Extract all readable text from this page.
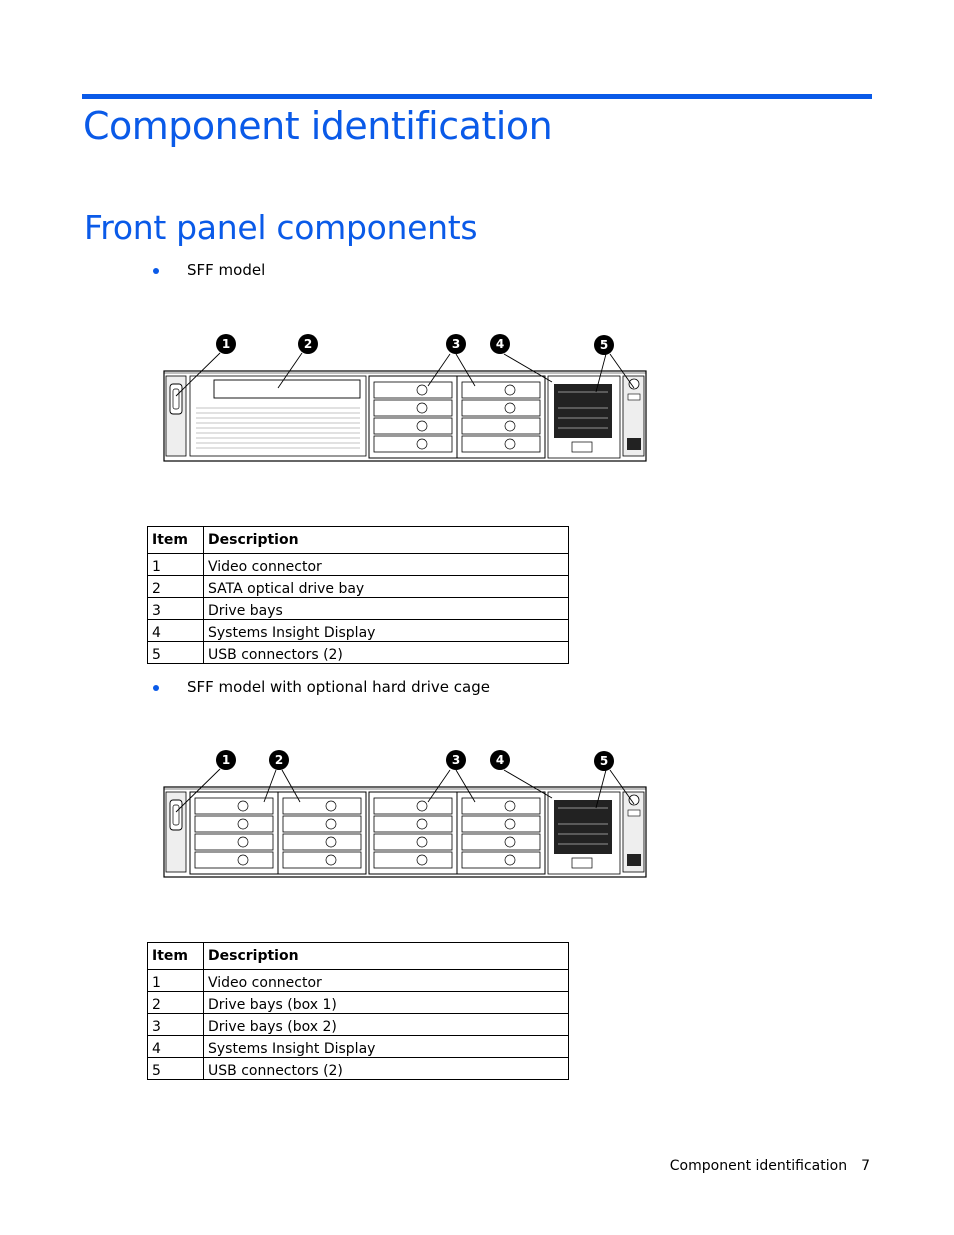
Component identification
Front panel components
SFF model
1	2	3	4	5
Item	Description
1	Video connector
2	SATA optical drive bay
3	Drive bays
4	Systems Insight Display
5	USB connectors (2)
SFF model with optional hard drive cage
1	2	3	4	5
Item	Description
1	Video connector
2	Drive bays (box 1)
3	Drive bays (box 2)
4	Systems Insight Display
5	USB connectors (2)
Component identification 7
